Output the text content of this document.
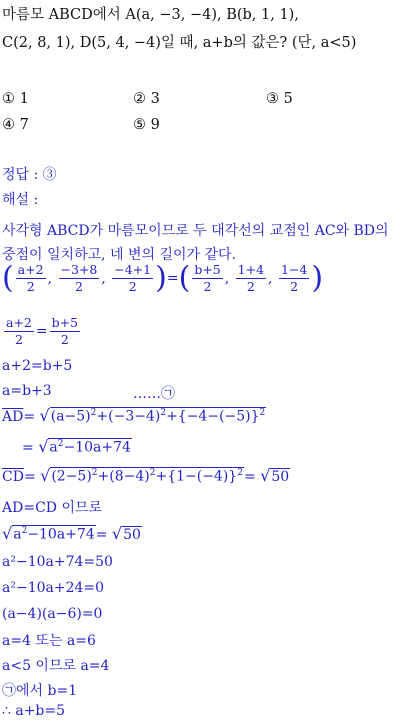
마름모 ABCD에서 A(a, −3, −4), B(b, 1, 1),
C(2, 8, 1), D(5, 4, −4)일 때, a+b의 값은? (단, a<5)
① 1	② 3	③ 5
④ 7	⑤ 9
정답 : ③
해설 :
사각형 ABCD가 마름모이므로 두 대각선의 교점인 AC와 BD의
중점이 일치하고, 네 변의 길이가 같다.
( $\frac{a+2}{2}$ , $\frac{-3+8}{2}$ , $\frac{-4+1}{2}$ )=( $\frac{b+5}{2}$ , $\frac{1+4}{2}$ , $\frac{1-4}{2}$ )
$\frac{a+2}{2} = \frac{b+5}{2}$
a+2=b+5
a=b+3	……㉠
$\overline{AD}= √(a-5)^2+(-3-4)^2+\{-4-(-5)\}^2$
= $√a^2-10a+74$
$\overline{CD}= √(2-5)^2+(8-4)^2+\{1-(-4)\}^2= √50$
AD=CD 이므로
$√a^2-10a+74= √50$
a²−10a+74=50
a²−10a+24=0
(a−4)(a−6)=0
a=4 또는 a=6
a<5 이므로 a=4
㉠에서 b=1
∴ a+b=5
